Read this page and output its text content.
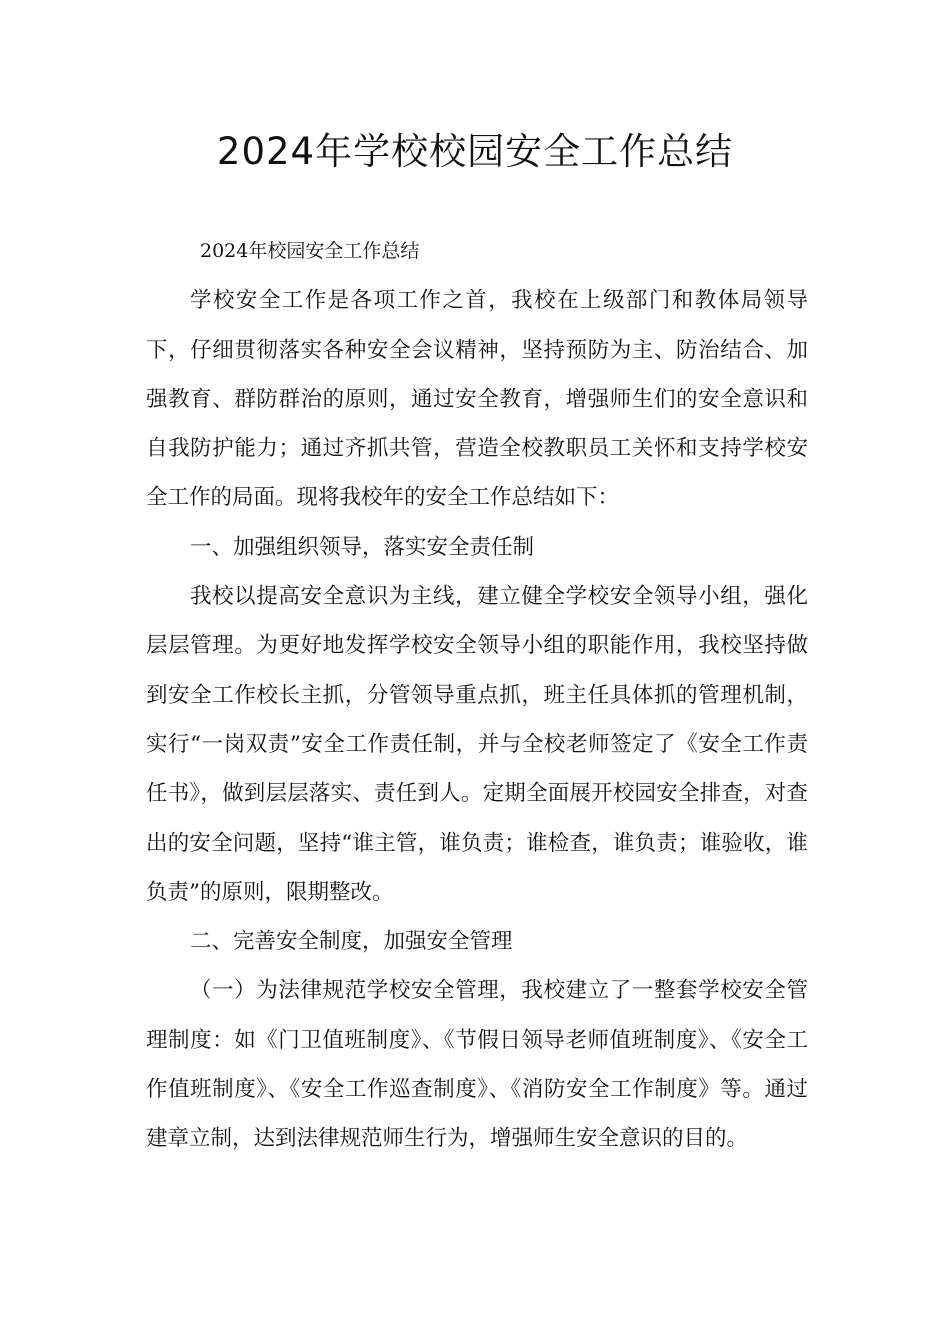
2024年学校校园安全工作总结

2024年校园安全工作总结

学校安全工作是各项工作之首，我校在上级部门和教体局领导下，仔细贯彻落实各种安全会议精神，坚持预防为主、防治结合、加强教育、群防群治的原则，通过安全教育，增强师生们的安全意识和自我防护能力；通过齐抓共管，营造全校教职员工关怀和支持学校安全工作的局面。现将我校年的安全工作总结如下：

一、加强组织领导，落实安全责任制

我校以提高安全意识为主线，建立健全学校安全领导小组，强化层层管理。为更好地发挥学校安全领导小组的职能作用，我校坚持做到安全工作校长主抓，分管领导重点抓，班主任具体抓的管理机制，实行“一岗双责”安全工作责任制，并与全校老师签定了《安全工作责任书》，做到层层落实、责任到人。定期全面展开校园安全排查，对查出的安全问题，坚持“谁主管，谁负责；谁检查，谁负责；谁验收，谁负责”的原则，限期整改。

二、完善安全制度，加强安全管理

（一）为法律规范学校安全管理，我校建立了一整套学校安全管理制度：如《门卫值班制度》、《节假日领导老师值班制度》、《安全工作值班制度》、《安全工作巡查制度》、《消防安全工作制度》等。通过建章立制，达到法律规范师生行为，增强师生安全意识的目的。
